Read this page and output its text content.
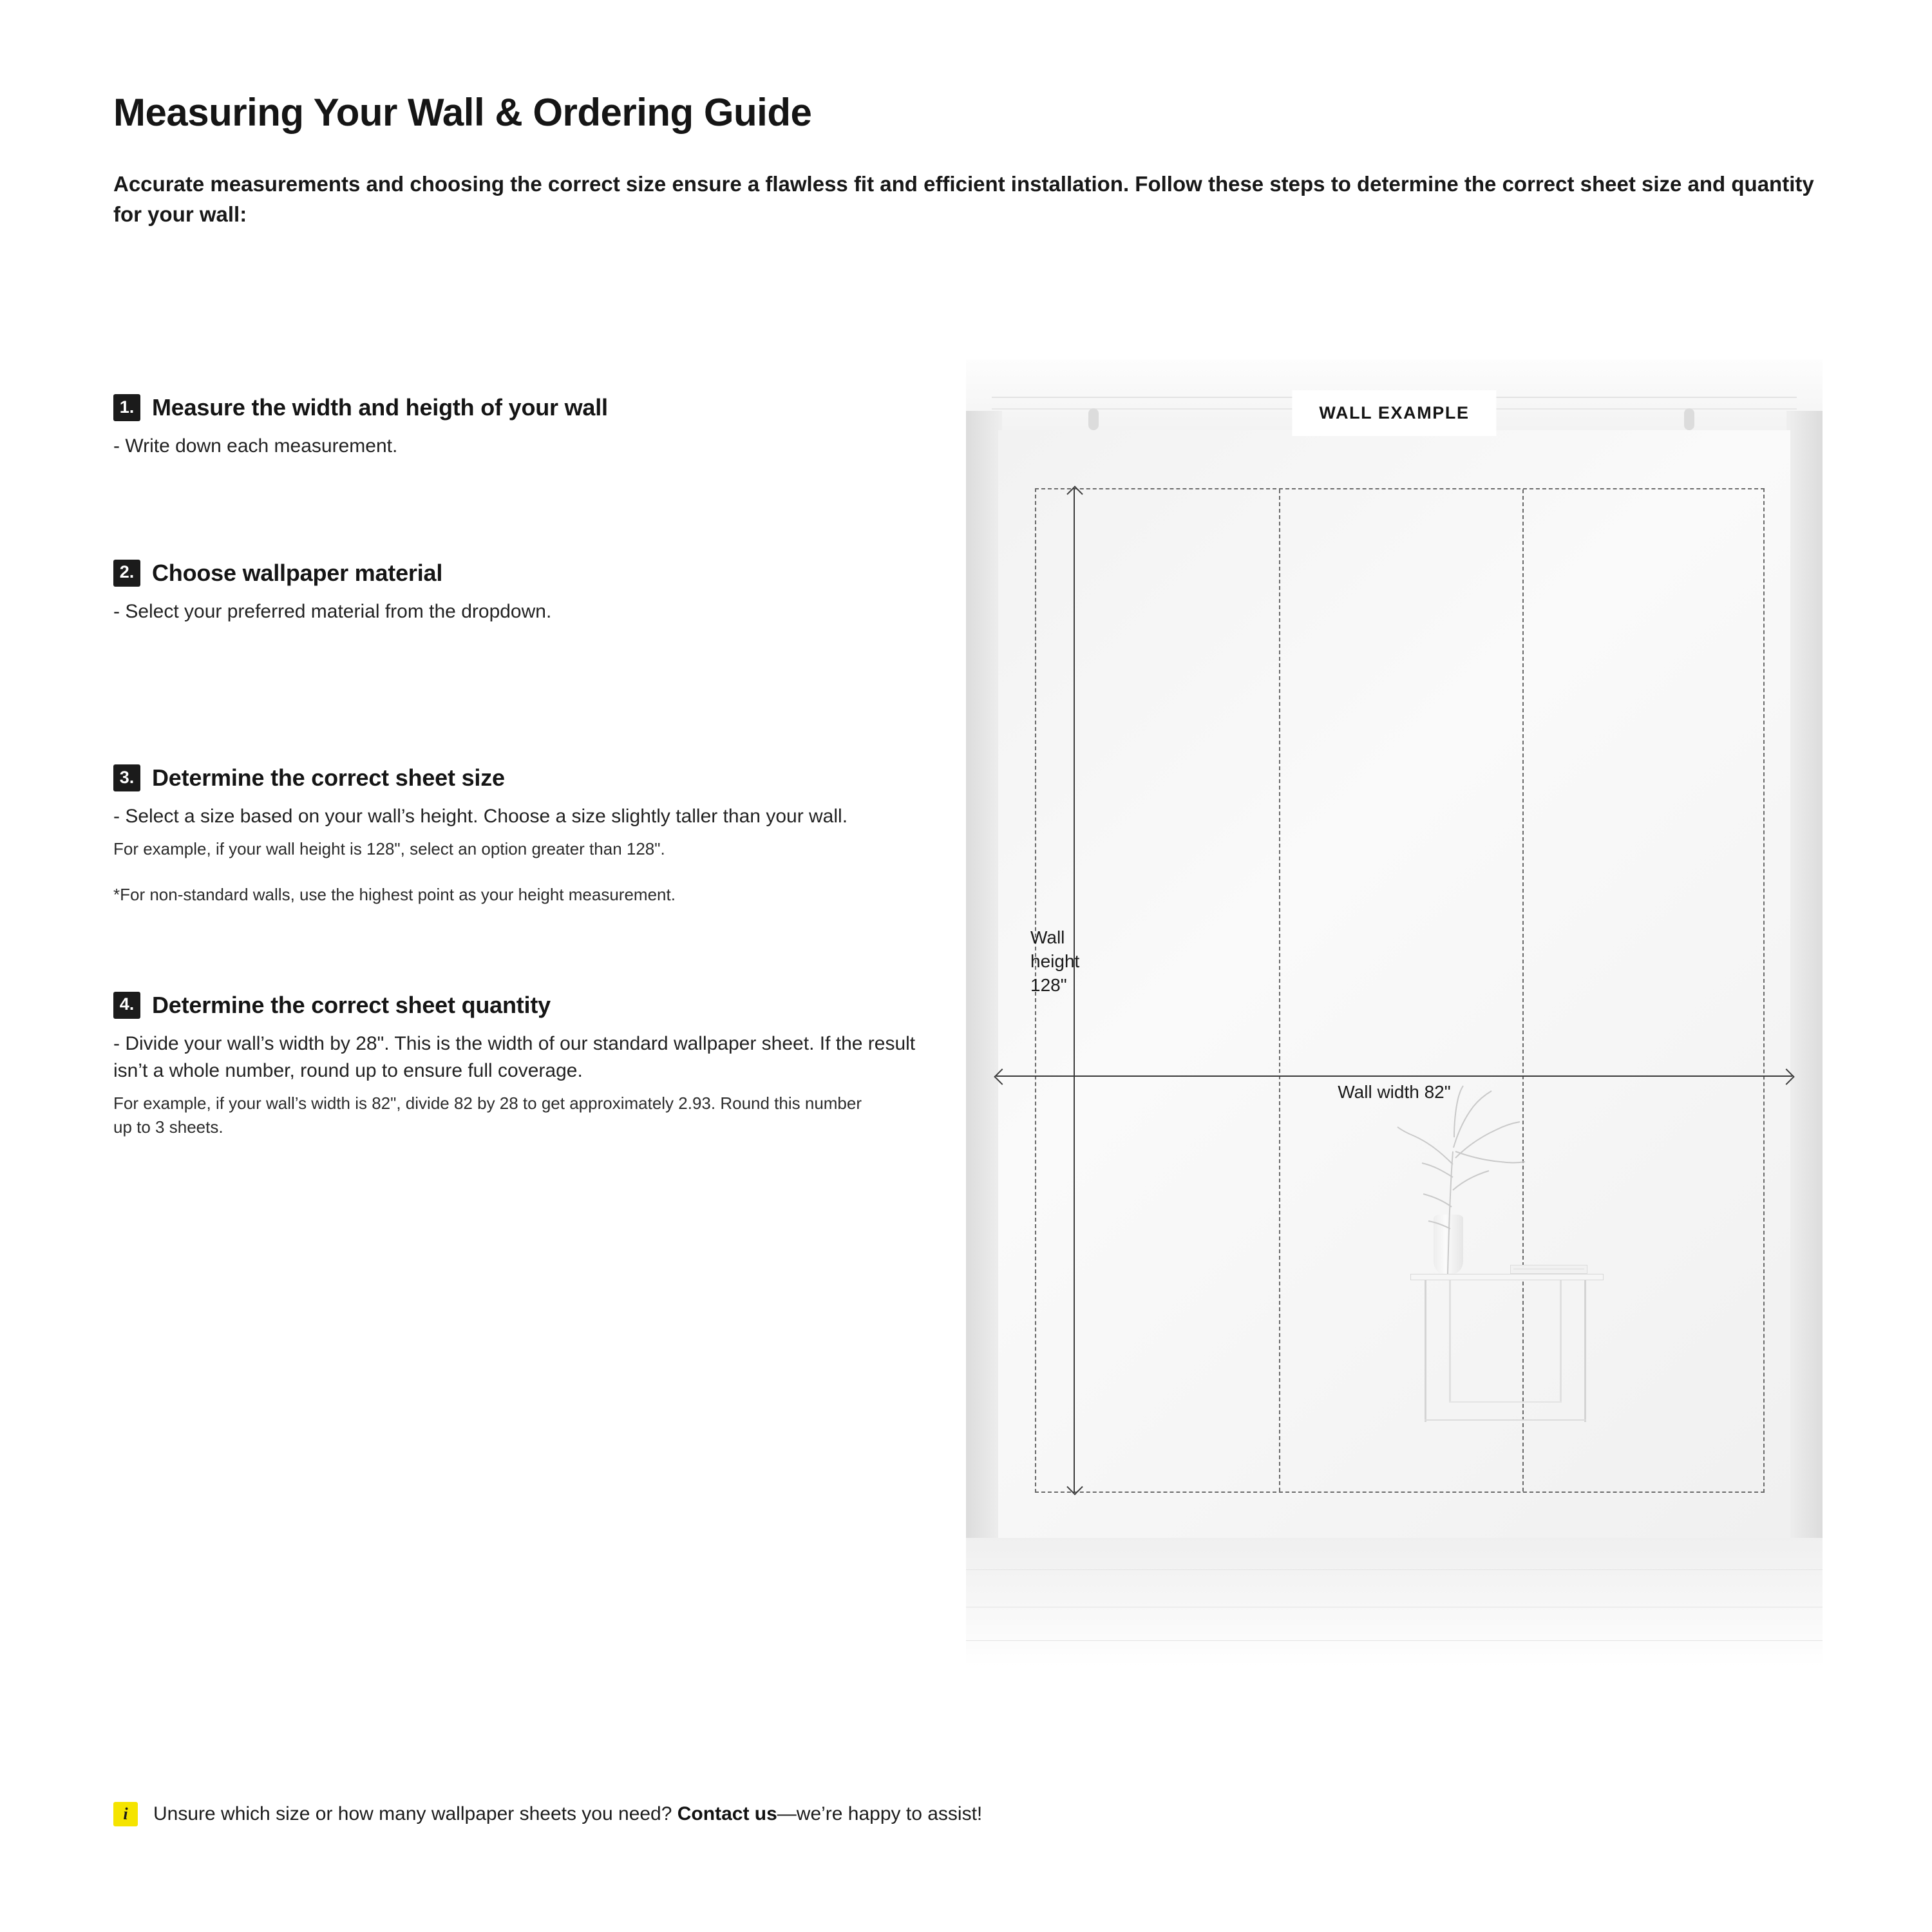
Measuring Your Wall & Ordering Guide

Accurate measurements and choosing the correct size ensure a flawless fit and efficient installation. Follow these steps to determine the correct sheet size and quantity for your wall:

1. Measure the width and heigth of your wall

- Write down each measurement.

2. Choose wallpaper material

- Select your preferred material from the dropdown.

3. Determine the correct sheet size

- Select a size based on your wall’s height. Choose a size slightly taller than your wall.

For example, if your wall height is 128", select an option greater than 128".

*For non-standard walls, use the highest point as your height measurement.

4. Determine the correct sheet quantity

- Divide your wall’s width by 28". This is the width of our standard wallpaper sheet. If the result isn’t a whole number, round up to ensure full coverage.

For example, if your wall’s width is 82", divide 82 by 28 to get approximately 2.93. Round this number up to 3 sheets.

Wall
height
128"
Wall width 82"
WALL EXAMPLE
i	Unsure which size or how many wallpaper sheets you need? Contact us—we’re happy to assist!
